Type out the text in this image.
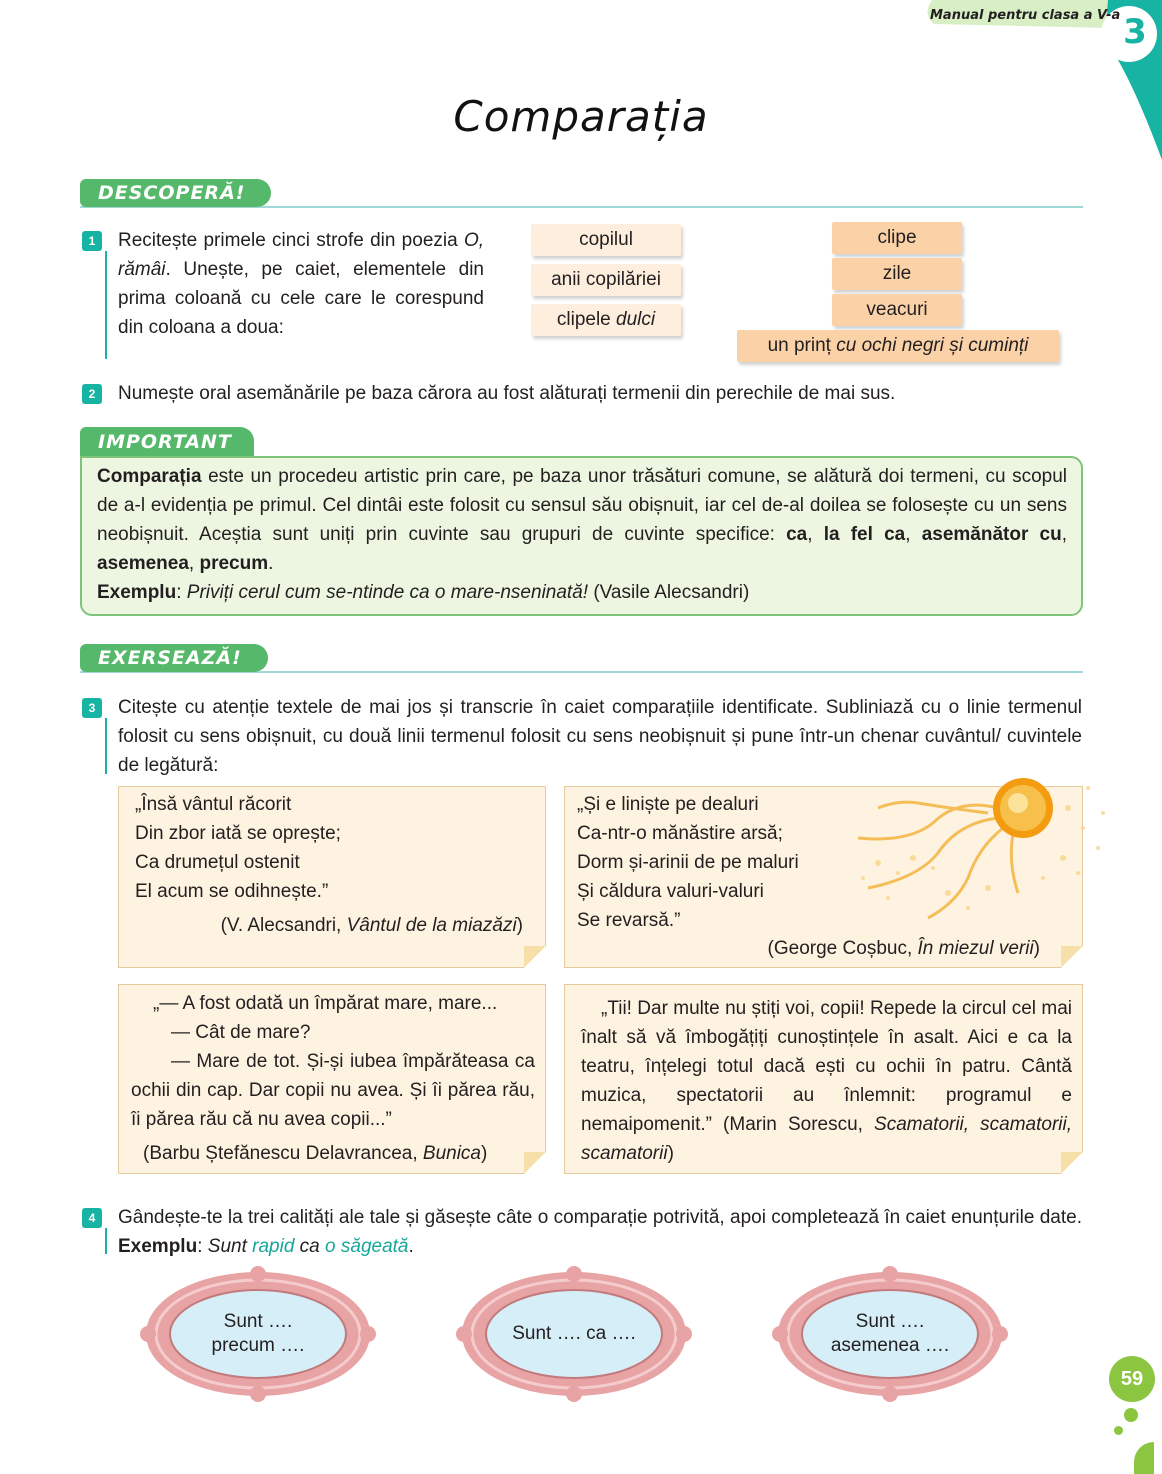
Manual pentru clasa a V-a 3
Comparația
DESCOPERĂ!
1	Recitește primele cinci strofe din poezia O, rămâi. Unește, pe caiet, elementele din prima coloană cu cele care le corespund din coloana a doua:
copilul
anii copilăriei
clipele dulci
clipe
zile
veacuri
un prinț cu ochi negri și cuminți
2	Numește oral asemănările pe baza cărora au fost alăturați termenii din perechile de mai sus.
IMPORTANT
Comparația este un procedeu artistic prin care, pe baza unor trăsături comune, se alătură doi termeni, cu scopul de a-l evidenția pe primul. Cel dintâi este folosit cu sensul său obișnuit, iar cel de-al doilea se folosește cu un sens neobișnuit. Aceștia sunt uniți prin cuvinte sau grupuri de cuvinte specifice: ca, la fel ca, asemănător cu, asemenea, precum.
Exemplu: Priviți cerul cum se-ntinde ca o mare-nseninată! (Vasile Alecsandri)
EXERSEAZĂ!
3	Citește cu atenție textele de mai jos și transcrie în caiet comparațiile identificate. Subliniază cu o linie termenul folosit cu sens obișnuit, cu două linii termenul folosit cu sens neobișnuit și pune într-un chenar cuvântul/ cuvintele de legătură:
„Însă vântul răcorit
Din zbor iată se oprește;
Ca drumețul ostenit
El acum se odihnește.”
(V. Alecsandri, Vântul de la miazăzi)
„Și e liniște pe dealuri
Ca-ntr-o mănăstire arsă;
Dorm și-arinii de pe maluri
Și căldura valuri-valuri
Se revarsă.”
(George Coșbuc, În miezul verii)
„— A fost odată un împărat mare, mare...
— Cât de mare?
— Mare de tot. Și-și iubea împărăteasa ca ochii din cap. Dar copii nu avea. Și îi părea rău, îi părea rău că nu avea copii...”
(Barbu Ștefănescu Delavrancea, Bunica)
„Tii! Dar multe nu știți voi, copii! Repede la circul cel mai înalt să vă îmbogățiți cunoștințele în asalt. Aici e ca la teatru, înțelegi totul dacă ești cu ochii în patru. Cântă muzica, spectatorii au înlemnit: programul e nemaipomenit.” (Marin Sorescu, Scamatorii, scamatorii, scamatorii)
4	Gândește-te la trei calități ale tale și găsește câte o comparație potrivită, apoi completează în caiet enunțurile date. Exemplu: Sunt rapid ca o săgeată.
Sunt ….
precum ….
Sunt …. ca ….
Sunt ….
asemenea ….
59
